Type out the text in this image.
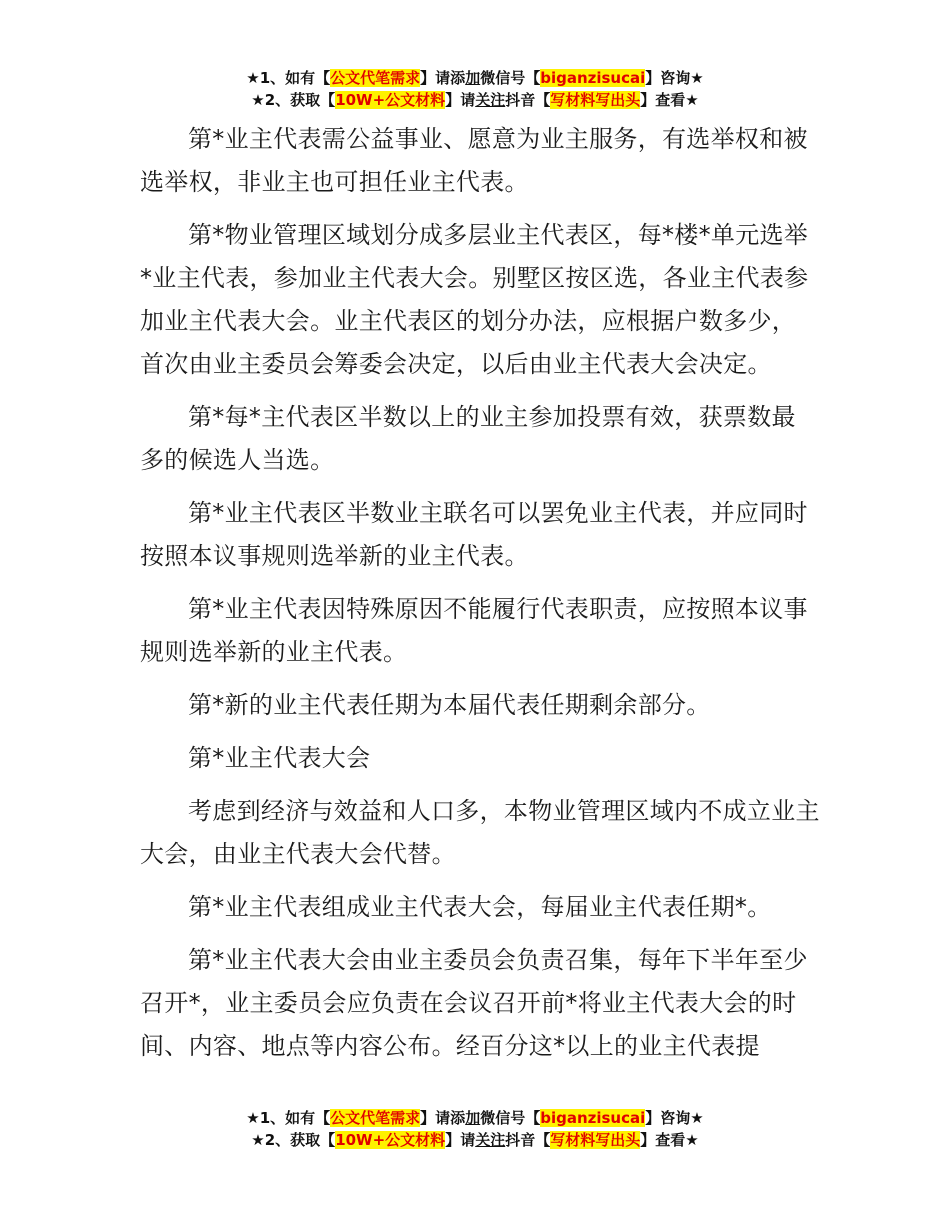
★1、如有【公文代笔需求】请添加微信号【biganzisucai】咨询★
★2、获取【10W+公文材料】请关注抖音【写材料写出头】查看★

第*业主代表需公益事业、愿意为业主服务，有选举权和被选举权，非业主也可担任业主代表。

第*物业管理区域划分成多层业主代表区，每*楼*单元选举*业主代表，参加业主代表大会。别墅区按区选，各业主代表参加业主代表大会。业主代表区的划分办法，应根据户数多少，首次由业主委员会筹委会决定，以后由业主代表大会决定。

第*每*主代表区半数以上的业主参加投票有效，获票数最多的候选人当选。

第*业主代表区半数业主联名可以罢免业主代表，并应同时按照本议事规则选举新的业主代表。

第*业主代表因特殊原因不能履行代表职责，应按照本议事规则选举新的业主代表。

第*新的业主代表任期为本届代表任期剩余部分。

第*业主代表大会

考虑到经济与效益和人口多，本物业管理区域内不成立业主大会，由业主代表大会代替。

第*业主代表组成业主代表大会，每届业主代表任期*。

第*业主代表大会由业主委员会负责召集，每年下半年至少召开*，业主委员会应负责在会议召开前*将业主代表大会的时间、内容、地点等内容公布。经百分这*以上的业主代表提

★1、如有【公文代笔需求】请添加微信号【biganzisucai】咨询★
★2、获取【10W+公文材料】请关注抖音【写材料写出头】查看★
